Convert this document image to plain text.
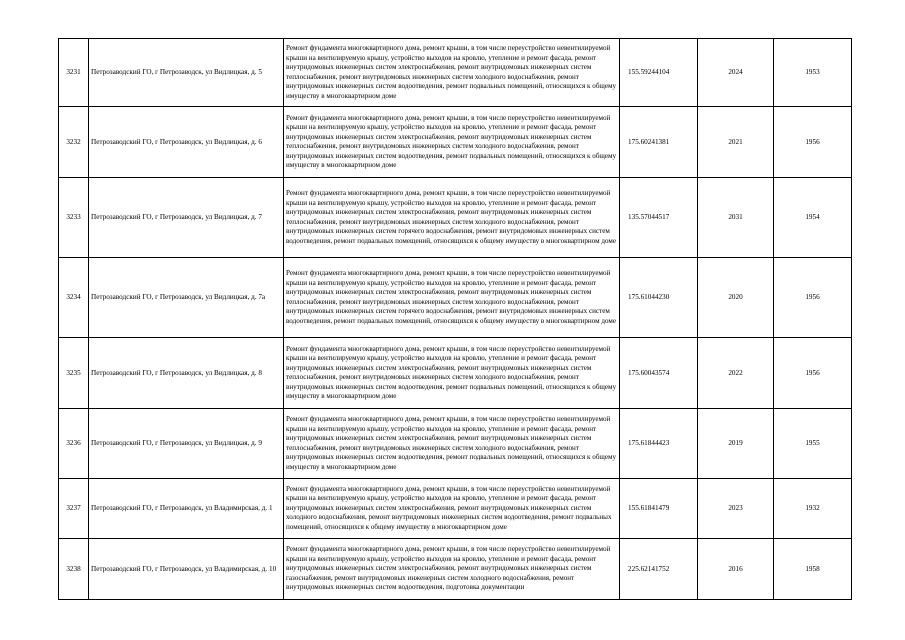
3231	Петрозаводский ГО, г Петрозаводск, ул Видлицкая, д. 5	Ремонт фундамента многоквартирного дома, ремонт крыши, в том числе переустройство невентилируемой крыши на вентилируемую крышу, устройство выходов на кровлю, утепление и ремонт фасада, ремонт внутридомовых инженерных систем электроснабжения, ремонт внутридомовых инженерных систем теплоснабжения, ремонт внутридомовых инженерных систем холодного водоснабжения, ремонт внутридомовых инженерных систем водоотведения, ремонт подвальных помещений, относящихся к общему имуществу в многоквартирном доме	155.59244104	2024	1953
3232	Петрозаводский ГО, г Петрозаводск, ул Видлицкая, д. 6	Ремонт фундамента многоквартирного дома, ремонт крыши, в том числе переустройство невентилируемой крыши на вентилируемую крышу, устройство выходов на кровлю, утепление и ремонт фасада, ремонт внутридомовых инженерных систем электроснабжения, ремонт внутридомовых инженерных систем теплоснабжения, ремонт внутридомовых инженерных систем холодного водоснабжения, ремонт внутридомовых инженерных систем водоотведения, ремонт подвальных помещений, относящихся к общему имуществу в многоквартирном доме	175.60241381	2021	1956
3233	Петрозаводский ГО, г Петрозаводск, ул Видлицкая, д. 7	Ремонт фундамента многоквартирного дома, ремонт крыши, в том числе переустройство невентилируемой крыши на вентилируемую крышу, устройство выходов на кровлю, утепление и ремонт фасада, ремонт внутридомовых инженерных систем электроснабжения, ремонт внутридомовых инженерных систем теплоснабжения, ремонт внутридомовых инженерных систем холодного водоснабжения, ремонт внутридомовых инженерных систем горячего водоснабжения, ремонт внутридомовых инженерных систем водоотведения, ремонт подвальных помещений, относящихся к общему имуществу в многоквартирном доме	135.57044517	2031	1954
3234	Петрозаводский ГО, г Петрозаводск, ул Видлицкая, д. 7а	Ремонт фундамента многоквартирного дома, ремонт крыши, в том числе переустройство невентилируемой крыши на вентилируемую крышу, устройство выходов на кровлю, утепление и ремонт фасада, ремонт внутридомовых инженерных систем электроснабжения, ремонт внутридомовых инженерных систем теплоснабжения, ремонт внутридомовых инженерных систем холодного водоснабжения, ремонт внутридомовых инженерных систем горячего водоснабжения, ремонт внутридомовых инженерных систем водоотведения, ремонт подвальных помещений, относящихся к общему имуществу в многоквартирном доме	175.61044230	2020	1956
3235	Петрозаводский ГО, г Петрозаводск, ул Видлицкая, д. 8	Ремонт фундамента многоквартирного дома, ремонт крыши, в том числе переустройство невентилируемой крыши на вентилируемую крышу, устройство выходов на кровлю, утепление и ремонт фасада, ремонт внутридомовых инженерных систем электроснабжения, ремонт внутридомовых инженерных систем теплоснабжения, ремонт внутридомовых инженерных систем холодного водоснабжения, ремонт внутридомовых инженерных систем водоотведения, ремонт подвальных помещений, относящихся к общему имуществу в многоквартирном доме	175.60043574	2022	1956
3236	Петрозаводский ГО, г Петрозаводск, ул Видлицкая, д. 9	Ремонт фундамента многоквартирного дома, ремонт крыши, в том числе переустройство невентилируемой крыши на вентилируемую крышу, устройство выходов на кровлю, утепление и ремонт фасада, ремонт внутридомовых инженерных систем электроснабжения, ремонт внутридомовых инженерных систем теплоснабжения, ремонт внутридомовых инженерных систем холодного водоснабжения, ремонт внутридомовых инженерных систем водоотведения, ремонт подвальных помещений, относящихся к общему имуществу в многоквартирном доме	175.61844423	2019	1955
3237	Петрозаводский ГО, г Петрозаводск, ул Владимирская, д. 1	Ремонт фундамента многоквартирного дома, ремонт крыши, в том числе переустройство невентилируемой крыши на вентилируемую крышу, устройство выходов на кровлю, утепление и ремонт фасада, ремонт внутридомовых инженерных систем электроснабжения, ремонт внутридомовых инженерных систем холодного водоснабжения, ремонт внутридомовых инженерных систем водоотведения, ремонт подвальных помещений, относящихся к общему имуществу в многоквартирном доме	155.61841479	2023	1932
3238	Петрозаводский ГО, г Петрозаводск, ул Владимирская, д. 10	Ремонт фундамента многоквартирного дома, ремонт крыши, в том числе переустройство невентилируемой крыши на вентилируемую крышу, устройство выходов на кровлю, утепление и ремонт фасада, ремонт внутридомовых инженерных систем электроснабжения, ремонт внутридомовых инженерных систем газоснабжения, ремонт внутридомовых инженерных систем холодного водоснабжения, ремонт внутридомовых инженерных систем водоотведения, подготовка документации	225.62141752	2016	1958
